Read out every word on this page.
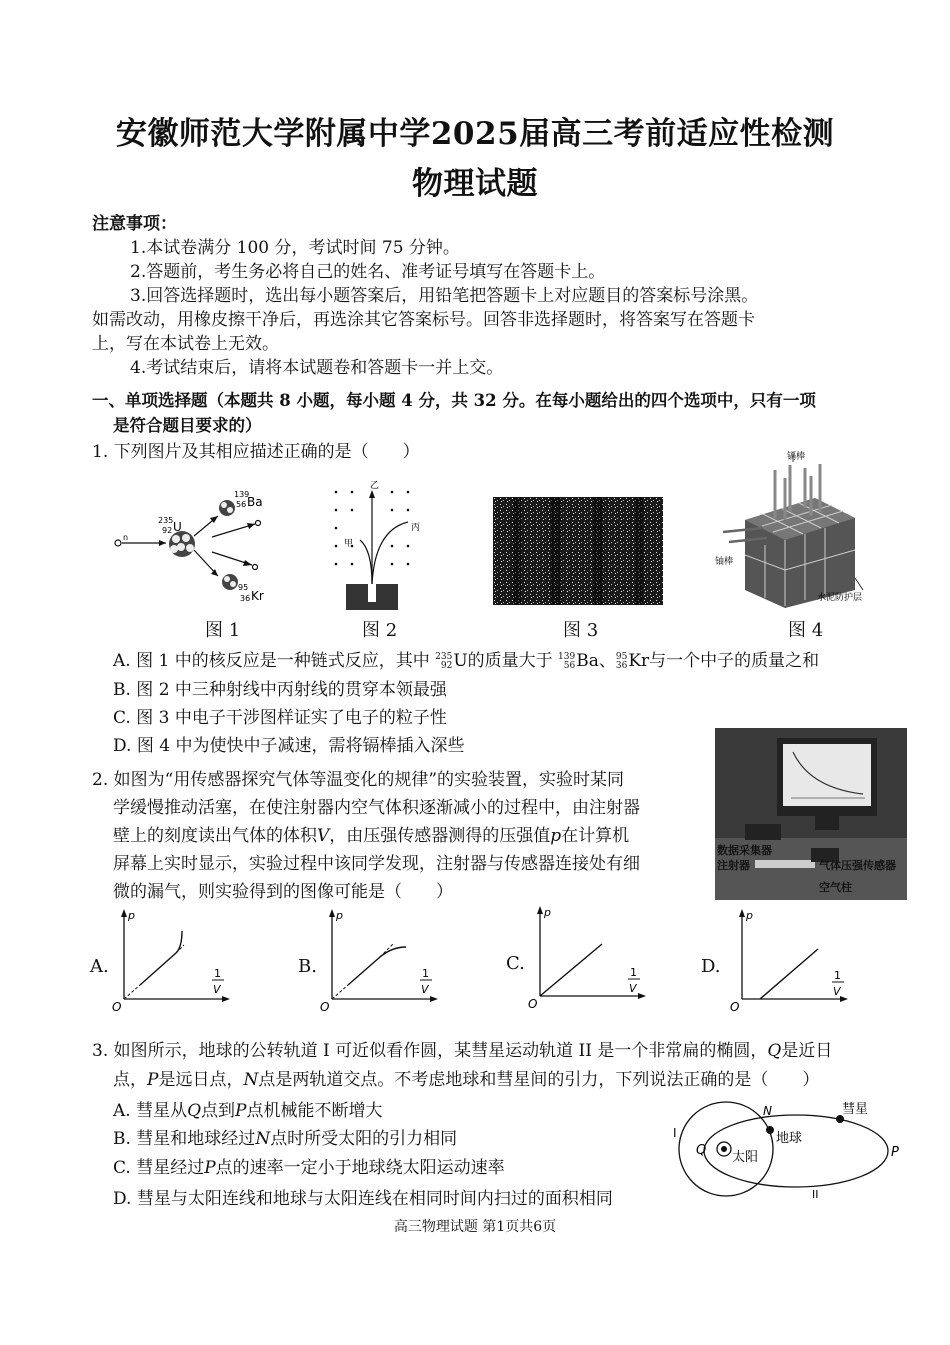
安徽师范大学附属中学2025届高三考前适应性检测
物理试题
注意事项：
1.本试卷满分 100 分，考试时间 75 分钟。
2.答题前，考生务必将自己的姓名、准考证号填写在答题卡上。
3.回答选择题时，选出每小题答案后，用铅笔把答题卡上对应题目的答案标号涂黑。
如需改动，用橡皮擦干净后，再选涂其它答案标号。回答非选择题时，将答案写在答题卡
上，写在本试卷上无效。
4.考试结束后，请将本试题卷和答题卡一并上交。
一、单项选择题（本题共 8 小题，每小题 4 分，共 32 分。在每小题给出的四个选项中，只有一项
是符合题目要求的）
1. 下列图片及其相应描述正确的是（　　）
n
235
92 U
139
56 Ba
95
36 Kr
甲
乙
丙
镉棒
铀棒
水泥防护层
图 1	图 2	图 3	图 4
A. 图 1 中的核反应是一种链式反应，其中 235
92U的质量大于 139
56Ba、95
36Kr与一个中子的质量之和
B. 图 2 中三种射线中丙射线的贯穿本领最强
C. 图 3 中电子干涉图样证实了电子的粒子性
D. 图 4 中为使快中子减速，需将镉棒插入深些
2. 如图为“用传感器探究气体等温变化的规律”的实验装置，实验时某同
学缓慢推动活塞，在使注射器内空气体积逐渐减小的过程中，由注射器
壁上的刻度读出气体的体积V，由压强传感器测得的压强值p在计算机
屏幕上实时显示，实验过程中该同学发现，注射器与传感器连接处有细
微的漏气，则实验得到的图像可能是（　　）
数据采集器
注射器	气体压强传感器
空气柱
A.
p
O
1
V
B.
p
O
1
V
C.
p
O
1
V
D.
p
O
1
V
3. 如图所示，地球的公转轨道 I 可近似看作圆，某彗星运动轨道 II 是一个非常扁的椭圆，Q是近日
点，P是远日点，N点是两轨道交点。不考虑地球和彗星间的引力，下列说法正确的是（　　）
A. 彗星从Q点到P点机械能不断增大
B. 彗星和地球经过N点时所受太阳的引力相同
C. 彗星经过P点的速率一定小于地球绕太阳运动速率
D. 彗星与太阳连线和地球与太阳连线在相同时间内扫过的面积相同
I
II
N	彗星
地球
太阳
Q	P
高三物理试题 第1页共6页
